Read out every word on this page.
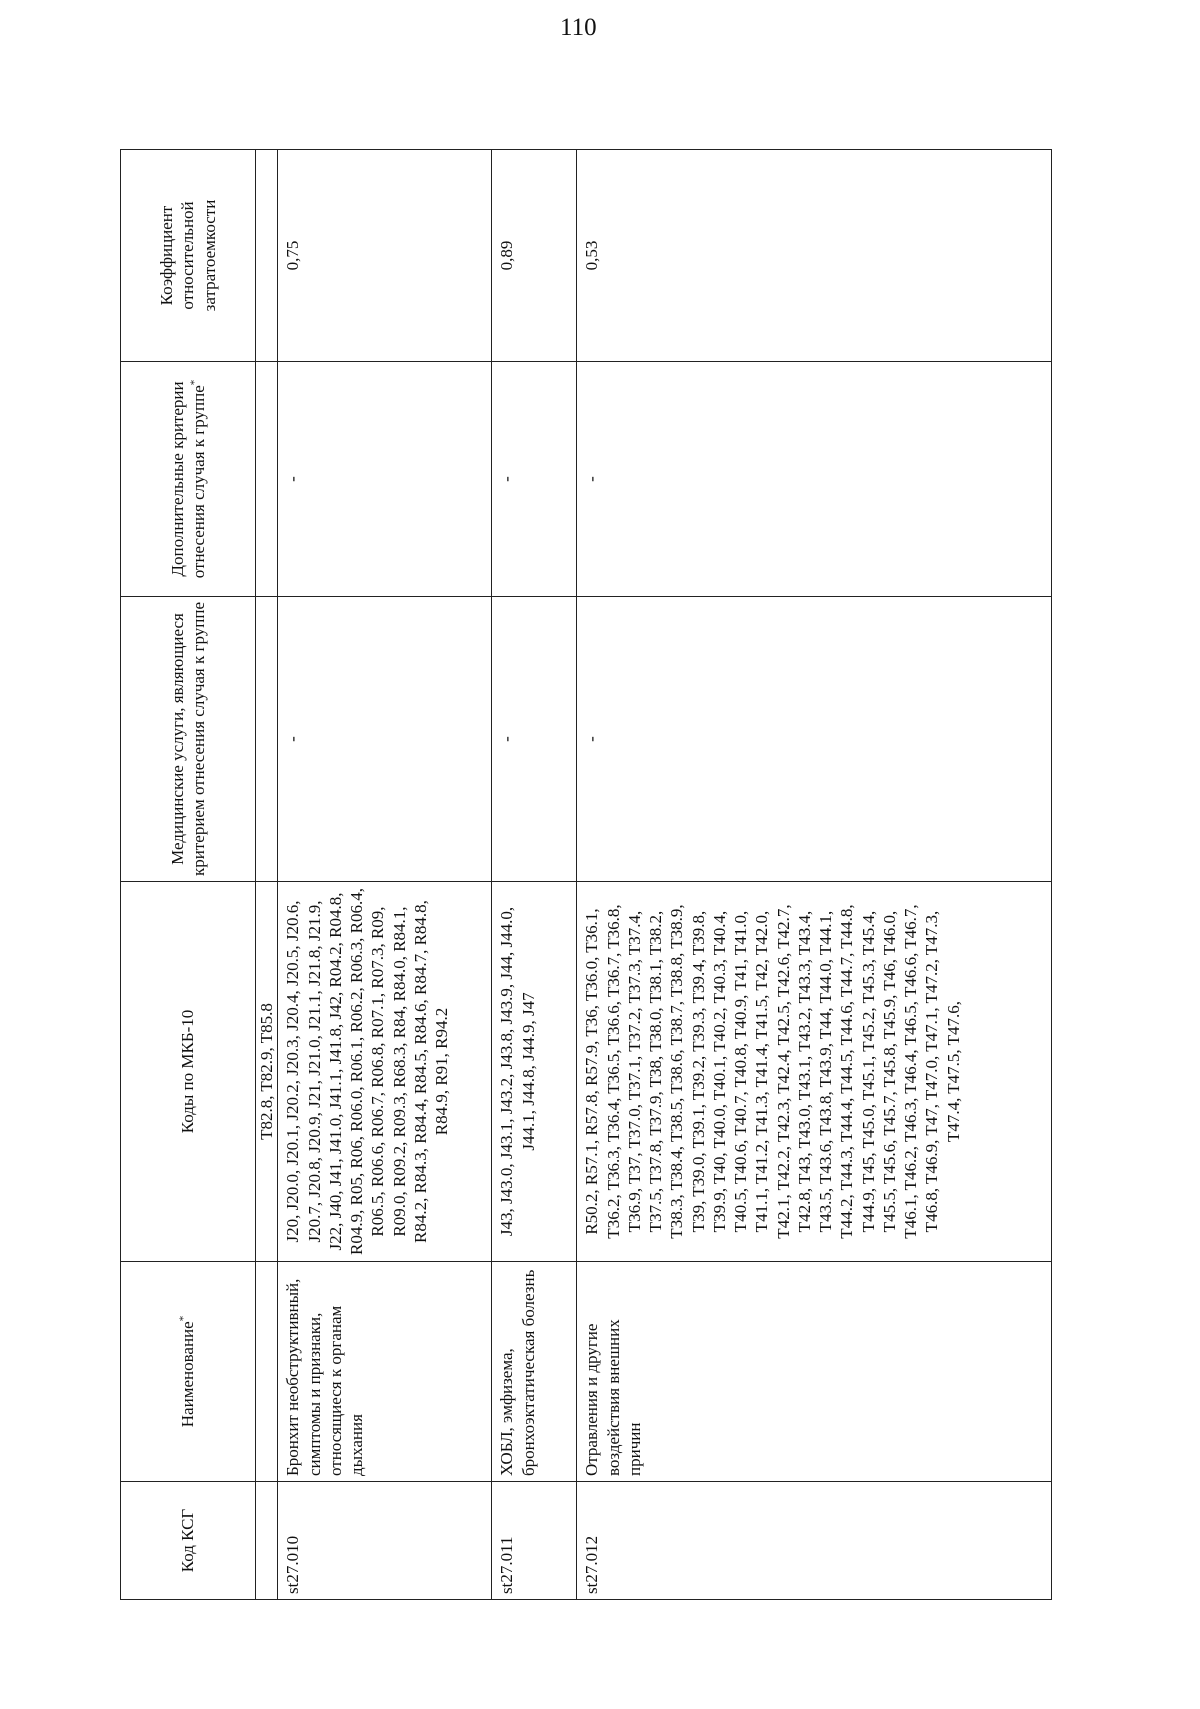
110
Код КСГ	Наименование*	Коды по МКБ-10	Медицинские услуги, являющиеся критерием отнесения случая к группе	Дополнительные критерии отнесения случая к группе*	Коэффициент относительной затратоемкости
		T82.8, T82.9, T85.8			
st27.010	Бронхит необструктивный, симптомы и признаки, относящиеся к органам дыхания	J20, J20.0, J20.1, J20.2, J20.3, J20.4, J20.5, J20.6, J20.7, J20.8, J20.9, J21, J21.0, J21.1, J21.8, J21.9, J22, J40, J41, J41.0, J41.1, J41.8, J42, R04.2, R04.8, R04.9, R05, R06, R06.0, R06.1, R06.2, R06.3, R06.4, R06.5, R06.6, R06.7, R06.8, R07.1, R07.3, R09, R09.0, R09.2, R09.3, R68.3, R84, R84.0, R84.1, R84.2, R84.3, R84.4, R84.5, R84.6, R84.7, R84.8, R84.9, R91, R94.2	-	-	0,75
st27.011	ХОБЛ, эмфизема, бронхоэктатическая болезнь	J43, J43.0, J43.1, J43.2, J43.8, J43.9, J44, J44.0, J44.1, J44.8, J44.9, J47	-	-	0,89
st27.012	Отравления и другие воздействия внешних причин	R50.2, R57.1, R57.8, R57.9, T36, T36.0, T36.1, T36.2, T36.3, T36.4, T36.5, T36.6, T36.7, T36.8, T36.9, T37, T37.0, T37.1, T37.2, T37.3, T37.4, T37.5, T37.8, T37.9, T38, T38.0, T38.1, T38.2, T38.3, T38.4, T38.5, T38.6, T38.7, T38.8, T38.9, T39, T39.0, T39.1, T39.2, T39.3, T39.4, T39.8, T39.9, T40, T40.0, T40.1, T40.2, T40.3, T40.4, T40.5, T40.6, T40.7, T40.8, T40.9, T41, T41.0, T41.1, T41.2, T41.3, T41.4, T41.5, T42, T42.0, T42.1, T42.2, T42.3, T42.4, T42.5, T42.6, T42.7, T42.8, T43, T43.0, T43.1, T43.2, T43.3, T43.4, T43.5, T43.6, T43.8, T43.9, T44, T44.0, T44.1, T44.2, T44.3, T44.4, T44.5, T44.6, T44.7, T44.8, T44.9, T45, T45.0, T45.1, T45.2, T45.3, T45.4, T45.5, T45.6, T45.7, T45.8, T45.9, T46, T46.0, T46.1, T46.2, T46.3, T46.4, T46.5, T46.6, T46.7, T46.8, T46.9, T47, T47.0, T47.1, T47.2, T47.3, T47.4, T47.5, T47.6,	-	-	0,53
